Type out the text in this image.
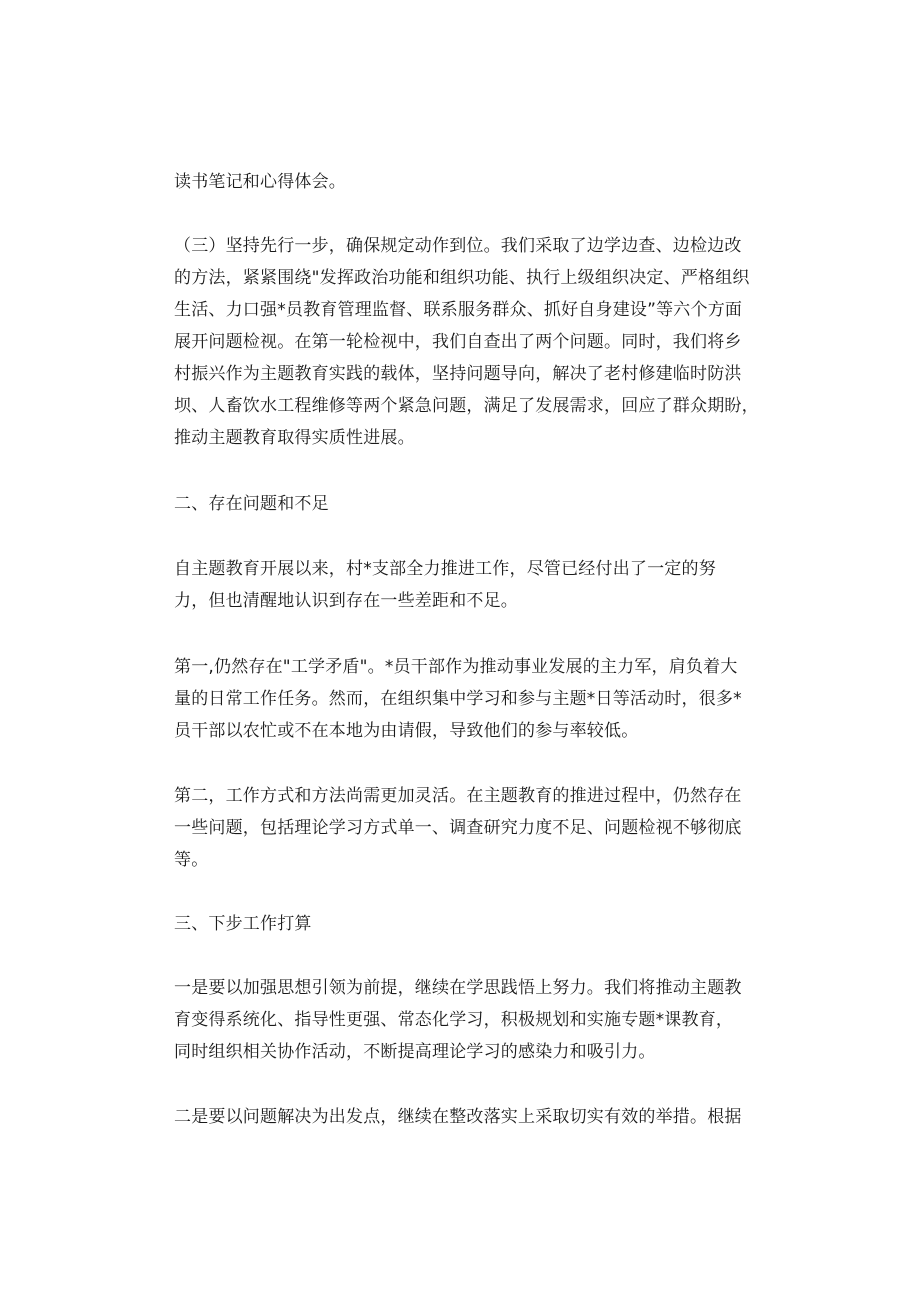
读书笔记和心得体会。
（三）坚持先行一步，确保规定动作到位。我们采取了边学边查、边检边改
的方法，紧紧围绕"发挥政治功能和组织功能、执行上级组织决定、严格组织
生活、力口强*员教育管理监督、联系服务群众、抓好自身建设”等六个方面
展开问题检视。在第一轮检视中，我们自查出了两个问题。同时，我们将乡
村振兴作为主题教育实践的载体，坚持问题导向，解决了老村修建临时防洪
坝、人畜饮水工程维修等两个紧急问题，满足了发展需求，回应了群众期盼，
推动主题教育取得实质性进展。
二、存在问题和不足
自主题教育开展以来，村*支部全力推进工作，尽管已经付出了一定的努
力，但也清醒地认识到存在一些差距和不足。
第一,仍然存在"工学矛盾"。*员干部作为推动事业发展的主力军，肩负着大
量的日常工作任务。然而，在组织集中学习和参与主题*日等活动时，很多*
员干部以农忙或不在本地为由请假，导致他们的参与率较低。
第二，工作方式和方法尚需更加灵活。在主题教育的推进过程中，仍然存在
一些问题，包括理论学习方式单一、调查研究力度不足、问题检视不够彻底
等。
三、下步工作打算
一是要以加强思想引领为前提，继续在学思践悟上努力。我们将推动主题教
育变得系统化、指导性更强、常态化学习，积极规划和实施专题*课教育，
同时组织相关协作活动，不断提高理论学习的感染力和吸引力。
二是要以问题解决为出发点，继续在整改落实上采取切实有效的举措。根据
